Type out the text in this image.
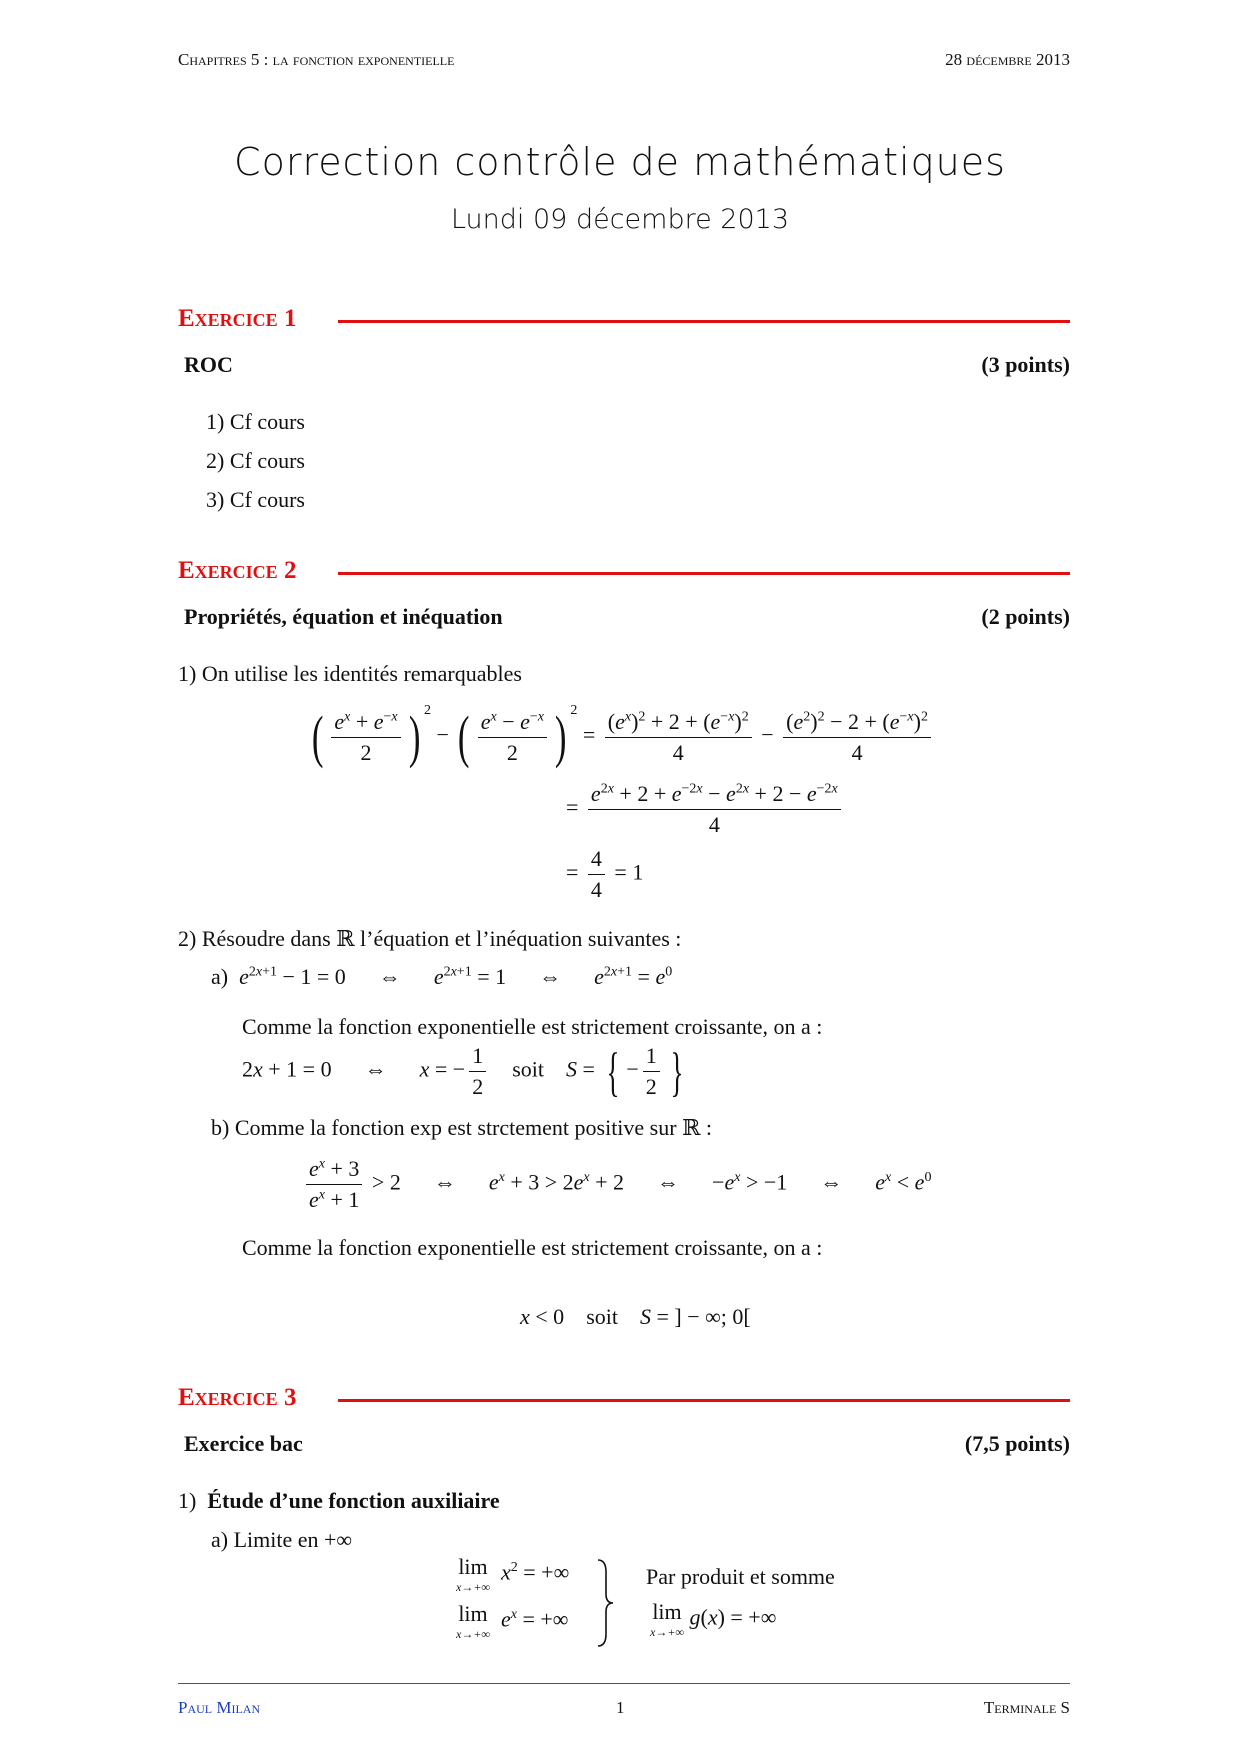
Chapitres 5 : la fonction exponentielle	28 décembre 2013
Correction contrôle de mathématiques
Lundi 09 décembre 2013
Exercice 1
ROC	(3 points)
1) Cf cours
2) Cf cours
3) Cf cours
Exercice 2
Propriétés, équation et inéquation	(2 points)
1) On utilise les identités remarquables
( $\frac{e^x + e^{-x}}{2}$ ) $^2$ − ( $\frac{e^x - e^{-x}}{2}$ ) $^2 = \frac{(e^x)^2 + 2 + (e^{-x})^2}{4} - \frac{(e^2)^2 - 2 + (e^{-x})^2}{4}$
= $\frac{e^{2x} + 2 + e^{-2x} - e^{2x} + 2 - e^{-2x}}{4}$
= $\frac{4}{4} = 1$
2) Résoudre dans ℝ l’équation et l’inéquation suivantes :
a) $e^{2x+1} - 1 = 0$      ⇔      $e^{2x+1} = 1$      ⇔      $e^{2x+1} = e^0$
Comme la fonction exponentielle est strictement croissante, on a :
2x + 1 = 0      ⇔      x = − $\frac{1}{2}$ soit S = { − $\frac{1}{2}$ }
b) Comme la fonction exp est strctement positive sur ℝ :
$\frac{e^x + 3}{e^x + 1} > 2$      ⇔      $e^x + 3 > 2e^x + 2$      ⇔      $-e^x > -1$      ⇔      $e^x < e^0$
Comme la fonction exponentielle est strictement croissante, on a :
x < 0    soit S = ] − ∞; 0[
Exercice 3
Exercice bac	(7,5 points)
1) Étude d’une fonction auxiliaire
a) Limite en +∞
lim
x→+∞
$x^2$ = +∞
lim
x→+∞
$e^x$ = +∞
Par produit et somme
lim
x→+∞
g(x) = +∞
Paul Milan	1	Terminale S
